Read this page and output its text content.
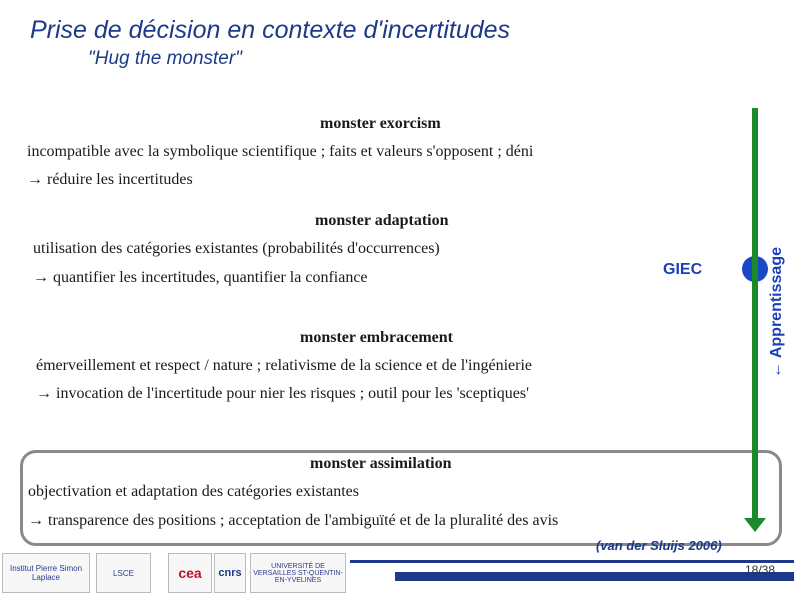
Prise de décision en contexte d'incertitudes
"Hug the monster"
monster exorcism
incompatible avec la symbolique scientifique ; faits et valeurs s'opposent ; déni
→ réduire les incertitudes
monster adaptation
utilisation des catégories existantes (probabilités d'occurrences)
→ quantifier les incertitudes, quantifier la confiance	GIEC
monster embracement
émerveillement et respect / nature ; relativisme de la science et de l'ingénierie
→ invocation de l'incertitude pour nier les risques ; outil pour les 'sceptiques'
monster assimilation
objectivation et adaptation des catégories existantes
→ transparence des positions ; acceptation de l'ambiguïté et de la pluralité des avis
← Apprentissage
(van der Sluijs 2006)
18/38
Institut Pierre Simon Laplace	LSCE	cea	cnrs
UNIVERSITÉ DE VERSAILLES ST-QUENTIN-EN-YVELINES
